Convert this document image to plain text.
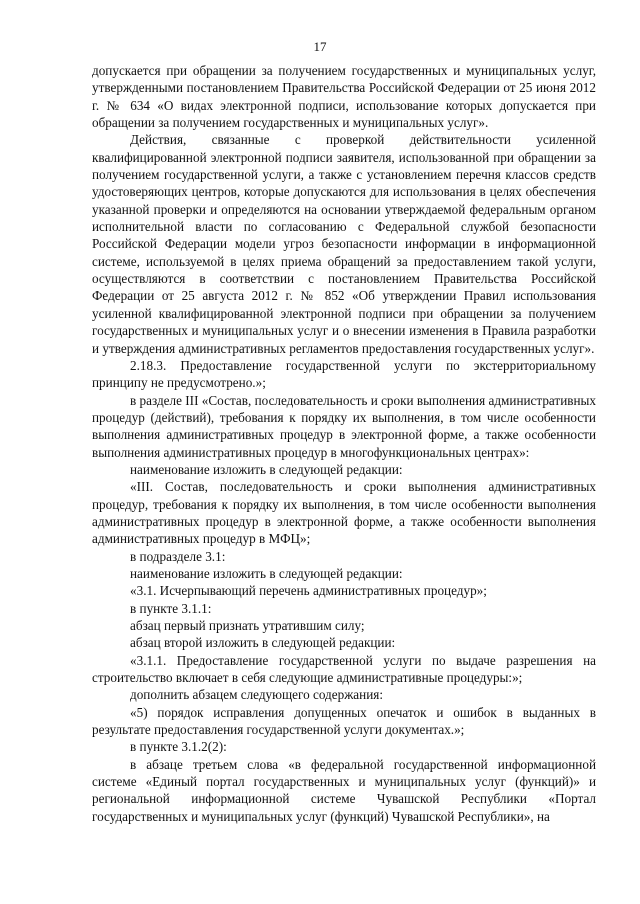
17

допускается при обращении за получением государственных и муниципальных услуг, утвержденными постановлением Правительства Российской Федерации от 25 июня 2012 г. № 634 «О видах электронной подписи, использование которых допускается при обращении за получением государственных и муниципальных услуг».

Действия, связанные с проверкой действительности усиленной квалифицированной электронной подписи заявителя, использованной при обращении за получением государственной услуги, а также с установлением перечня классов средств удостоверяющих центров, которые допускаются для использования в целях обеспечения указанной проверки и определяются на основании утверждаемой федеральным органом исполнительной власти по согласованию с Федеральной службой безопасности Российской Федерации модели угроз безопасности информации в информационной системе, используемой в целях приема обращений за предоставлением такой услуги, осуществляются в соответствии с постановлением Правительства Российской Федерации от 25 августа 2012 г. № 852 «Об утверждении Правил использования усиленной квалифицированной электронной подписи при обращении за получением государственных и муниципальных услуг и о внесении изменения в Правила разработки и утверждения административных регламентов предоставления государственных услуг».

2.18.3. Предоставление государственной услуги по экстерриториальному принципу не предусмотрено.»;

в разделе III «Состав, последовательность и сроки выполнения административных процедур (действий), требования к порядку их выполнения, в том числе особенности выполнения административных процедур в электронной форме, а также особенности выполнения административных процедур в многофункциональных центрах»:

наименование изложить в следующей редакции:

«III. Состав, последовательность и сроки выполнения административных процедур, требования к порядку их выполнения, в том числе особенности выполнения административных процедур в электронной форме, а также особенности выполнения административных процедур в МФЦ»;

в подразделе 3.1:

наименование изложить в следующей редакции:

«3.1. Исчерпывающий перечень административных процедур»;

в пункте 3.1.1:

абзац первый признать утратившим силу;

абзац второй изложить в следующей редакции:

«3.1.1. Предоставление государственной услуги по выдаче разрешения на строительство включает в себя следующие административные процедуры:»;

дополнить абзацем следующего содержания:

«5) порядок исправления допущенных опечаток и ошибок в выданных в результате предоставления государственной услуги документах.»;

в пункте 3.1.2(2):

в абзаце третьем слова «в федеральной государственной информационной системе «Единый портал государственных и муниципальных услуг (функций)» и региональной информационной системе Чувашской Республики «Портал государственных и муниципальных услуг (функций) Чувашской Республики», на
